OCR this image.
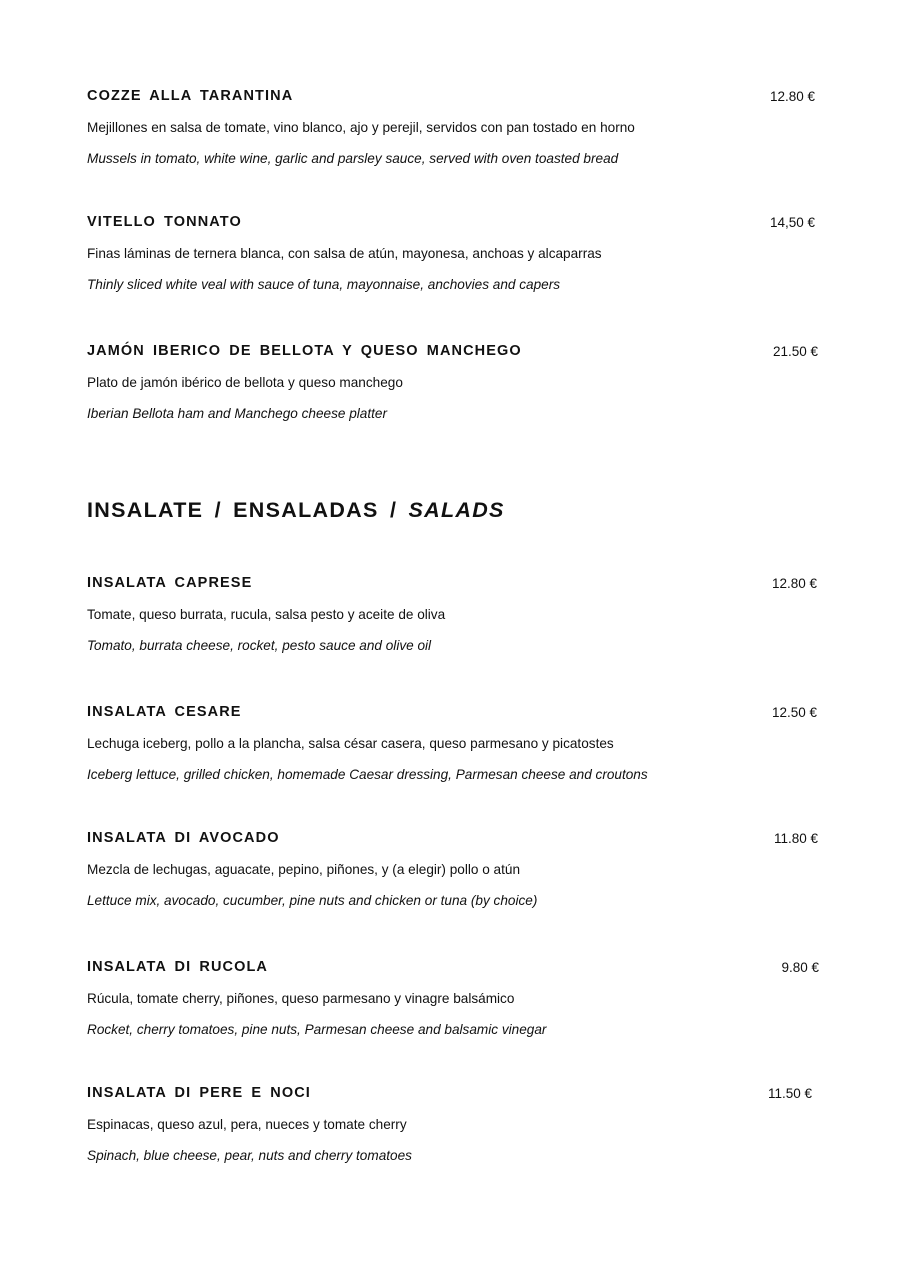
COZZE ALLA TARANTINA	12.80 €
Mejillones en salsa de tomate, vino blanco, ajo y perejil, servidos con pan tostado en horno
Mussels in tomato, white wine, garlic and parsley sauce, served with oven toasted bread
VITELLO TONNATO	14,50 €
Finas láminas de ternera blanca, con salsa de atún, mayonesa, anchoas y alcaparras
Thinly sliced white veal with sauce of tuna, mayonnaise, anchovies and capers
JAMÓN IBERICO DE BELLOTA Y QUESO MANCHEGO	21.50 €
Plato de jamón ibérico de bellota y queso manchego
Iberian Bellota ham and Manchego cheese platter
INSALATE / ENSALADAS / SALADS
INSALATA CAPRESE	12.80 €
Tomate, queso burrata, rucula, salsa pesto y aceite de oliva
Tomato, burrata cheese, rocket, pesto sauce and olive oil
INSALATA CESARE	12.50 €
Lechuga iceberg, pollo a la plancha, salsa césar casera, queso parmesano y picatostes
Iceberg lettuce, grilled chicken, homemade Caesar dressing, Parmesan cheese and croutons
INSALATA DI AVOCADO	11.80 €
Mezcla de lechugas, aguacate, pepino, piñones, y (a elegir) pollo o atún
Lettuce mix, avocado, cucumber, pine nuts and chicken or tuna (by choice)
INSALATA DI RUCOLA	9.80 €
Rúcula, tomate cherry, piñones, queso parmesano y vinagre balsámico
Rocket, cherry tomatoes, pine nuts, Parmesan cheese and balsamic vinegar
INSALATA DI PERE E NOCI	11.50 €
Espinacas, queso azul, pera, nueces y tomate cherry
Spinach, blue cheese, pear, nuts and cherry tomatoes
